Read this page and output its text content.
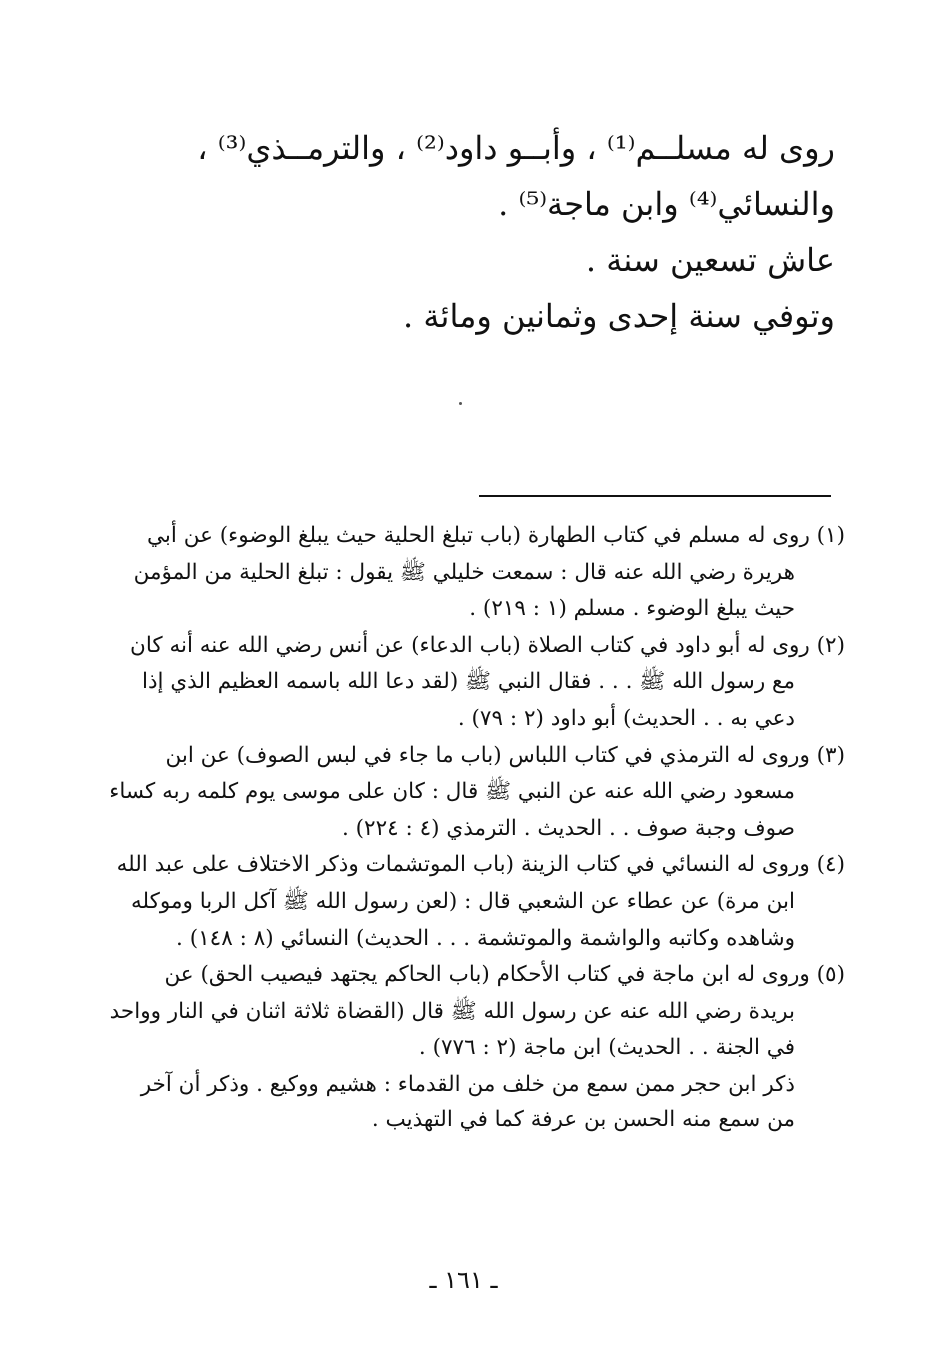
روى له مسلــم⁽¹⁾ ، وأبــو داود⁽²⁾ ، والترمــذي⁽³⁾ ،
والنسائي⁽⁴⁾ وابن ماجة⁽⁵⁾ .
عاش تسعين سنة .
وتوفي سنة إحدى وثمانين ومائة .
(١) روى له مسلم في كتاب الطهارة (باب تبلغ الحلية حيث يبلغ الوضوء) عن أبي
هريرة رضي الله عنه قال : سمعت خليلي ﷺ يقول : تبلغ الحلية من المؤمن
حيث يبلغ الوضوء . مسلم (١ : ٢١٩) .
(٢) روى له أبو داود في كتاب الصلاة (باب الدعاء) عن أنس رضي الله عنه أنه كان
مع رسول الله ﷺ . . . فقال النبي ﷺ (لقد دعا الله باسمه العظيم الذي إذا
دعي به . . الحديث) أبو داود (٢ : ٧٩) .
(٣) وروى له الترمذي في كتاب اللباس (باب ما جاء في لبس الصوف) عن ابن
مسعود رضي الله عنه عن النبي ﷺ قال : كان على موسى يوم كلمه ربه كساء
صوف وجبة صوف . . الحديث . الترمذي (٤ : ٢٢٤) .
(٤) وروى له النسائي في كتاب الزينة (باب الموتشمات وذكر الاختلاف على عبد الله
ابن مرة) عن عطاء عن الشعبي قال : (لعن رسول الله ﷺ آكل الربا وموكله
وشاهده وكاتبه والواشمة والموتشمة . . . الحديث) النسائي (٨ : ١٤٨) .
(٥) وروى له ابن ماجة في كتاب الأحكام (باب الحاكم يجتهد فيصيب الحق) عن
بريدة رضي الله عنه عن رسول الله ﷺ قال (القضاة ثلاثة اثنان في النار وواحد
في الجنة . . الحديث) ابن ماجة (٢ : ٧٧٦) .
ذكر ابن حجر ممن سمع من خلف من القدماء : هشيم ووكيع . وذكر أن آخر
من سمع منه الحسن بن عرفة كما في التهذيب .
ـ ١٦١ ـ
